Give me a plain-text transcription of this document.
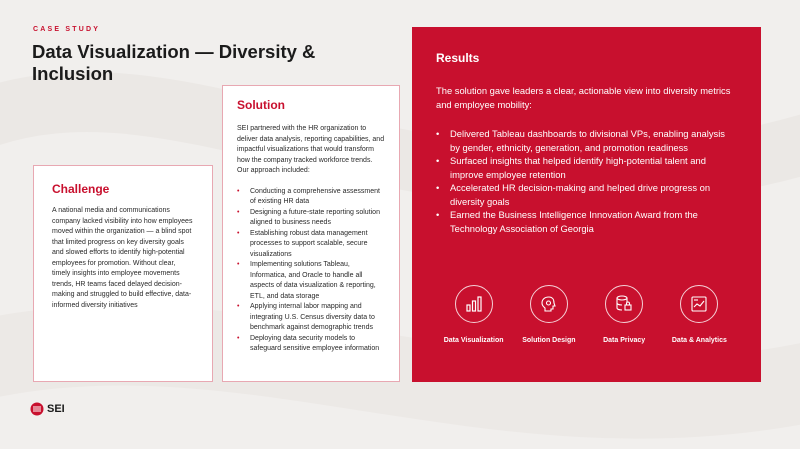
CASE STUDY
Data Visualization — Diversity & Inclusion
Challenge

A national media and communications company lacked visibility into how employees moved within the organization — a blind spot that limited progress on key diversity goals and slowed efforts to identify high-potential employees for promotion. Without clear, timely insights into employee movements trends, HR teams faced delayed decision-making and struggled to build effective, data-informed diversity initiatives

Solution

SEI partnered with the HR organization to deliver data analysis, reporting capabilities, and impactful visualizations that would transform how the company tracked workforce trends. Our approach included:

• Conducting a comprehensive assessment of existing HR data
• Designing a future-state reporting solution aligned to business needs
• Establishing robust data management processes to support scalable, secure visualizations
• Implementing solutions Tableau, Informatica, and Oracle to handle all aspects of data visualization & reporting, ETL, and data storage
• Applying internal labor mapping and integrating U.S. Census diversity data to benchmark against demographic trends
• Deploying data security models to safeguard sensitive employee information
Results

The solution gave leaders a clear, actionable view into diversity metrics and employee mobility:

• Delivered Tableau dashboards to divisional VPs, enabling analysis by gender, ethnicity, generation, and promotion readiness
• Surfaced insights that helped identify high-potential talent and improve employee retention
• Accelerated HR decision-making and helped drive progress on diversity goals
• Earned the Business Intelligence Innovation Award from the Technology Association of Georgia
Data Visualization	Solution Design	Data Privacy	Data & Analytics
SEI
